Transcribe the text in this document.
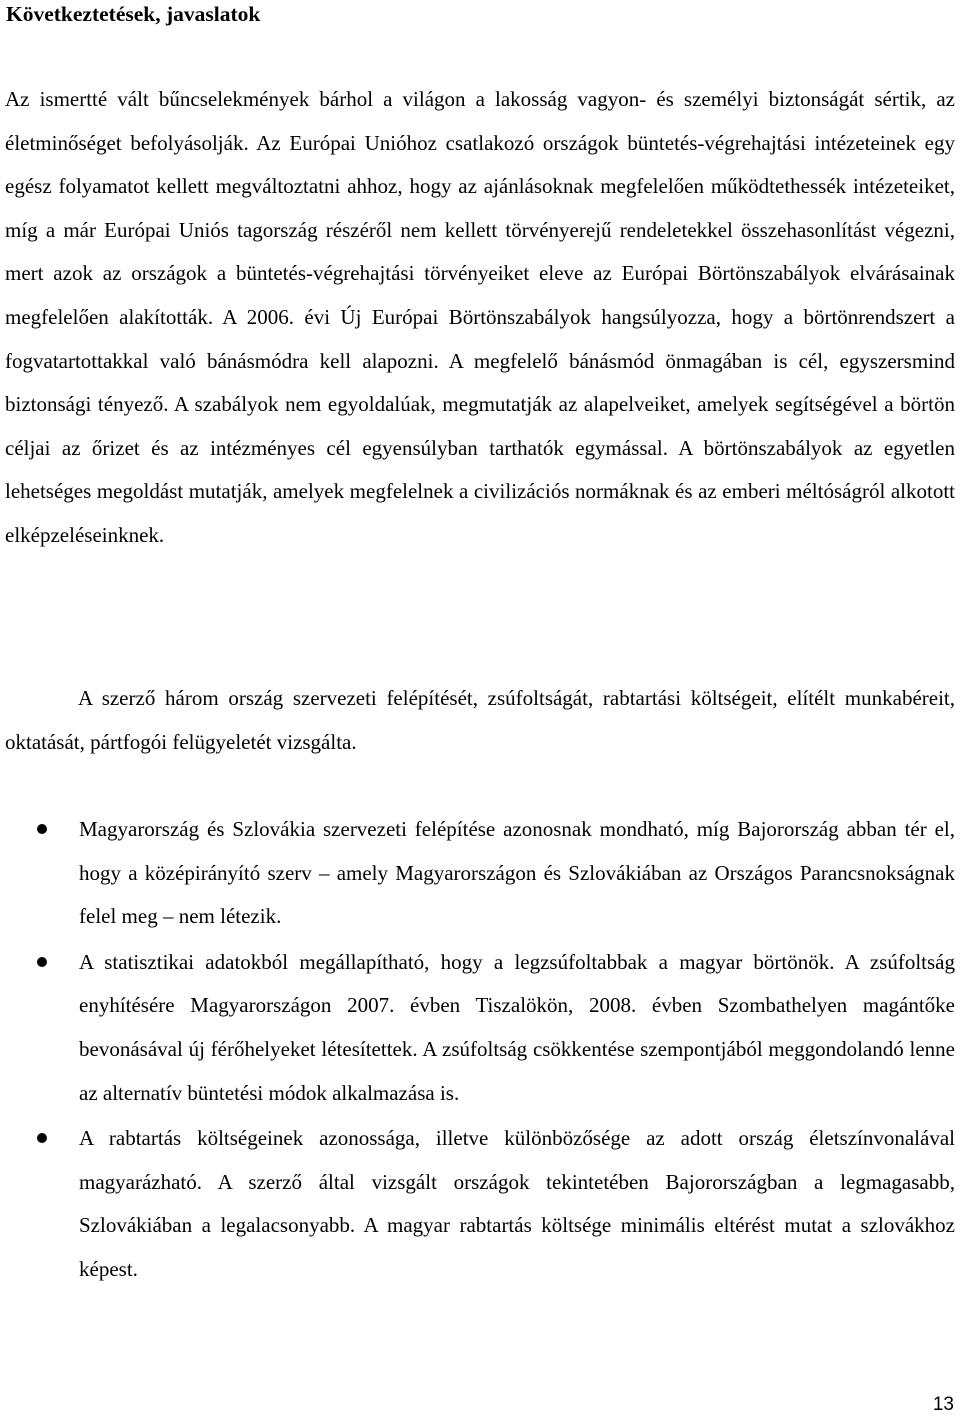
Következtetések, javaslatok

Az ismertté vált bűncselekmények bárhol a világon a lakosság vagyon- és személyi biztonságát sértik, az életminőséget befolyásolják. Az Európai Unióhoz csatlakozó országok büntetés-végrehajtási intézeteinek egy egész folyamatot kellett megváltoztatni ahhoz, hogy az ajánlásoknak megfelelően működtethessék intézeteiket, míg a már Európai Uniós tagország részéről nem kellett törvényerejű rendeletekkel összehasonlítást végezni, mert azok az országok a büntetés-végrehajtási törvényeiket eleve az Európai Börtönszabályok elvárásainak megfelelően alakították. A 2006. évi Új Európai Börtönszabályok hangsúlyozza, hogy a börtönrendszert a fogvatartottakkal való bánásmódra kell alapozni. A megfelelő bánásmód önmagában is cél, egyszersmind biztonsági tényező. A szabályok nem egyoldalúak, megmutatják az alapelveiket, amelyek segítségével a börtön céljai az őrizet és az intézményes cél egyensúlyban tarthatók egymással. A börtönszabályok az egyetlen lehetséges megoldást mutatják, amelyek megfelelnek a civilizációs normáknak és az emberi méltóságról alkotott elképzeléseinknek.

A szerző három ország szervezeti felépítését, zsúfoltságát, rabtartási költségeit, elítélt munkabéreit, oktatását, pártfogói felügyeletét vizsgálta.

Magyarország és Szlovákia szervezeti felépítése azonosnak mondható, míg Bajorország abban tér el, hogy a középirányító szerv – amely Magyarországon és Szlovákiában az Országos Parancsnokságnak felel meg – nem létezik.
A statisztikai adatokból megállapítható, hogy a legzsúfoltabbak a magyar börtönök. A zsúfoltság enyhítésére Magyarországon 2007. évben Tiszalökön, 2008. évben Szombathelyen magántőke bevonásával új férőhelyeket létesítettek. A zsúfoltság csökkentése szempontjából meggondolandó lenne az alternatív büntetési módok alkalmazása is.
A rabtartás költségeinek azonossága, illetve különbözősége az adott ország életszínvonalával magyarázható. A szerző által vizsgált országok tekintetében Bajorországban a legmagasabb, Szlovákiában a legalacsonyabb. A magyar rabtartás költsége minimális eltérést mutat a szlovákhoz képest.
13
